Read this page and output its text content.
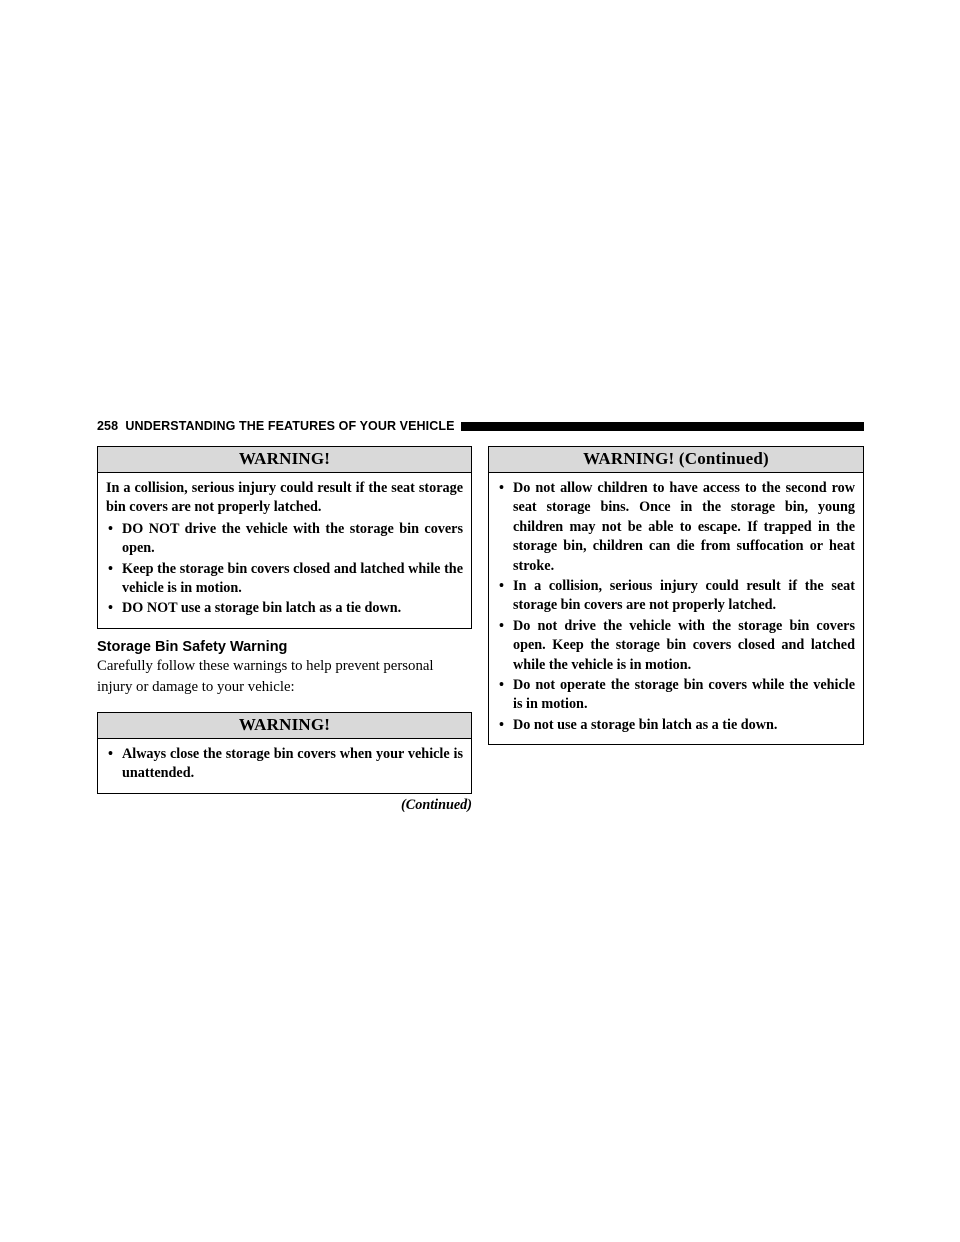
258 UNDERSTANDING THE FEATURES OF YOUR VEHICLE
WARNING!

In a collision, serious injury could result if the seat storage bin covers are not properly latched.

• DO NOT drive the vehicle with the storage bin covers open.
• Keep the storage bin covers closed and latched while the vehicle is in motion.
• DO NOT use a storage bin latch as a tie down.
Storage Bin Safety Warning

Carefully follow these warnings to help prevent personal injury or damage to your vehicle:

WARNING!
• Always close the storage bin covers when your vehicle is unattended.
(Continued)
WARNING! (Continued)
• Do not allow children to have access to the second row seat storage bins. Once in the storage bin, young children may not be able to escape. If trapped in the storage bin, children can die from suffocation or heat stroke.
• In a collision, serious injury could result if the seat storage bin covers are not properly latched.
• Do not drive the vehicle with the storage bin covers open. Keep the storage bin covers closed and latched while the vehicle is in motion.
• Do not operate the storage bin covers while the vehicle is in motion.
• Do not use a storage bin latch as a tie down.
